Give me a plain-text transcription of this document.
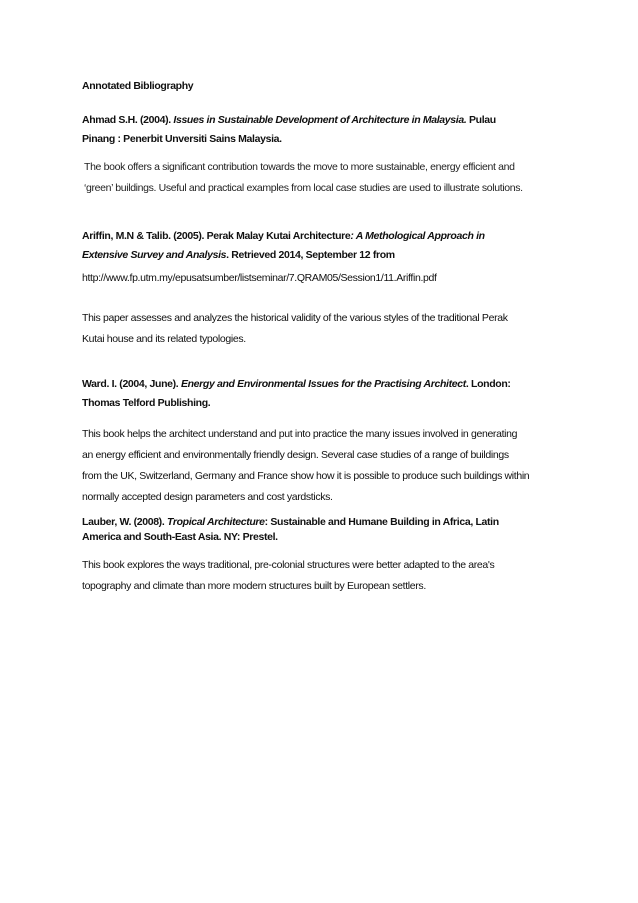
Annotated Bibliography
Ahmad S.H. (2004). Issues in Sustainable Development of Architecture in Malaysia. Pulau
Pinang : Penerbit Unversiti Sains Malaysia.
The book offers a significant contribution towards the move to more sustainable, energy efficient and
‘green’ buildings. Useful and practical examples from local case studies are used to illustrate solutions.
Ariffin, M.N & Talib. (2005). Perak Malay Kutai Architecture: A Methological Approach in
Extensive Survey and Analysis. Retrieved 2014, September 12 from
http://www.fp.utm.my/epusatsumber/listseminar/7.QRAM05/Session1/11.Ariffin.pdf
This paper assesses and analyzes the historical validity of the various styles of the traditional Perak
Kutai house and its related typologies.
Ward. I. (2004, June). Energy and Environmental Issues for the Practising Architect. London:
Thomas Telford Publishing.
This book helps the architect understand and put into practice the many issues involved in generating
an energy efficient and environmentally friendly design. Several case studies of a range of buildings
from the UK, Switzerland, Germany and France show how it is possible to produce such buildings within
normally accepted design parameters and cost yardsticks.
Lauber, W. (2008). Tropical Architecture: Sustainable and Humane Building in Africa, Latin
America and South-East Asia. NY: Prestel.
This book explores the ways traditional, pre-colonial structures were better adapted to the area's
topography and climate than more modern structures built by European settlers.
